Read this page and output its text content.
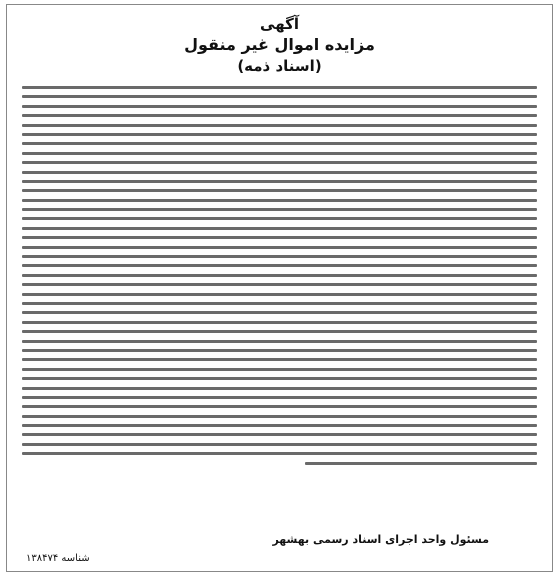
آگهی
مزایده اموال غیر منقول
(اسناد ذمه)
مسئول واحد اجرای اسناد رسمی بهشهر
شناسه ۱۳۸۴۷۴
